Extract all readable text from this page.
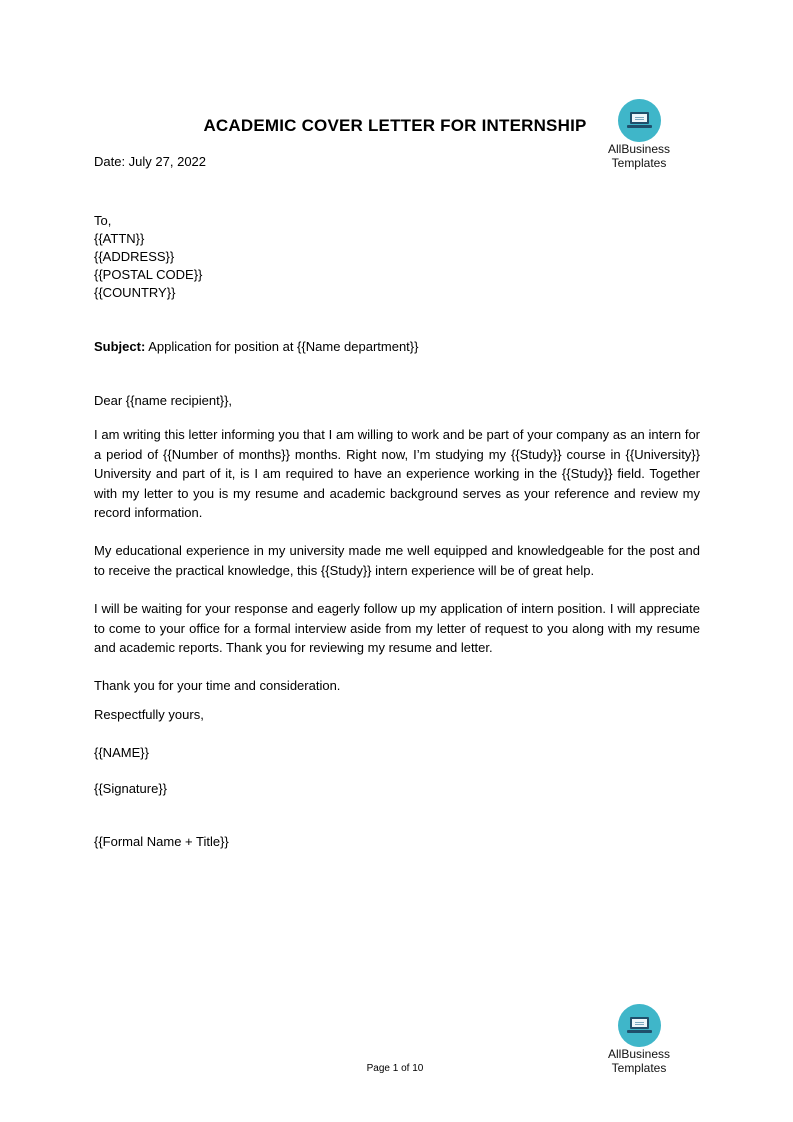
ACADEMIC COVER LETTER FOR INTERNSHIP
AllBusiness
Templates
Date: July 27, 2022
To,
{{ATTN}}
{{ADDRESS}}
{{POSTAL CODE}}
{{COUNTRY}}
Subject: Application for position at {{Name department}}
Dear {{name recipient}},
I am writing this letter informing you that I am willing to work and be part of your company as an intern for a period of {{Number of months}} months. Right now, I’m studying my {{Study}} course in {{University}} University and part of it, is I am required to have an experience working in the {{Study}} field. Together with my letter to you is my resume and academic background serves as your reference and review my record information.
My educational experience in my university made me well equipped and knowledgeable for the post and to receive the practical knowledge, this {{Study}} intern experience will be of great help.
I will be waiting for your response and eagerly follow up my application of intern position. I will appreciate to come to your office for a formal interview aside from my letter of request to you along with my resume and academic reports. Thank you for reviewing my resume and letter.
Thank you for your time and consideration.
Respectfully yours,
{{NAME}}
{{Signature}}
{{Formal Name + Title}}
AllBusiness
Templates
Page 1 of 10
